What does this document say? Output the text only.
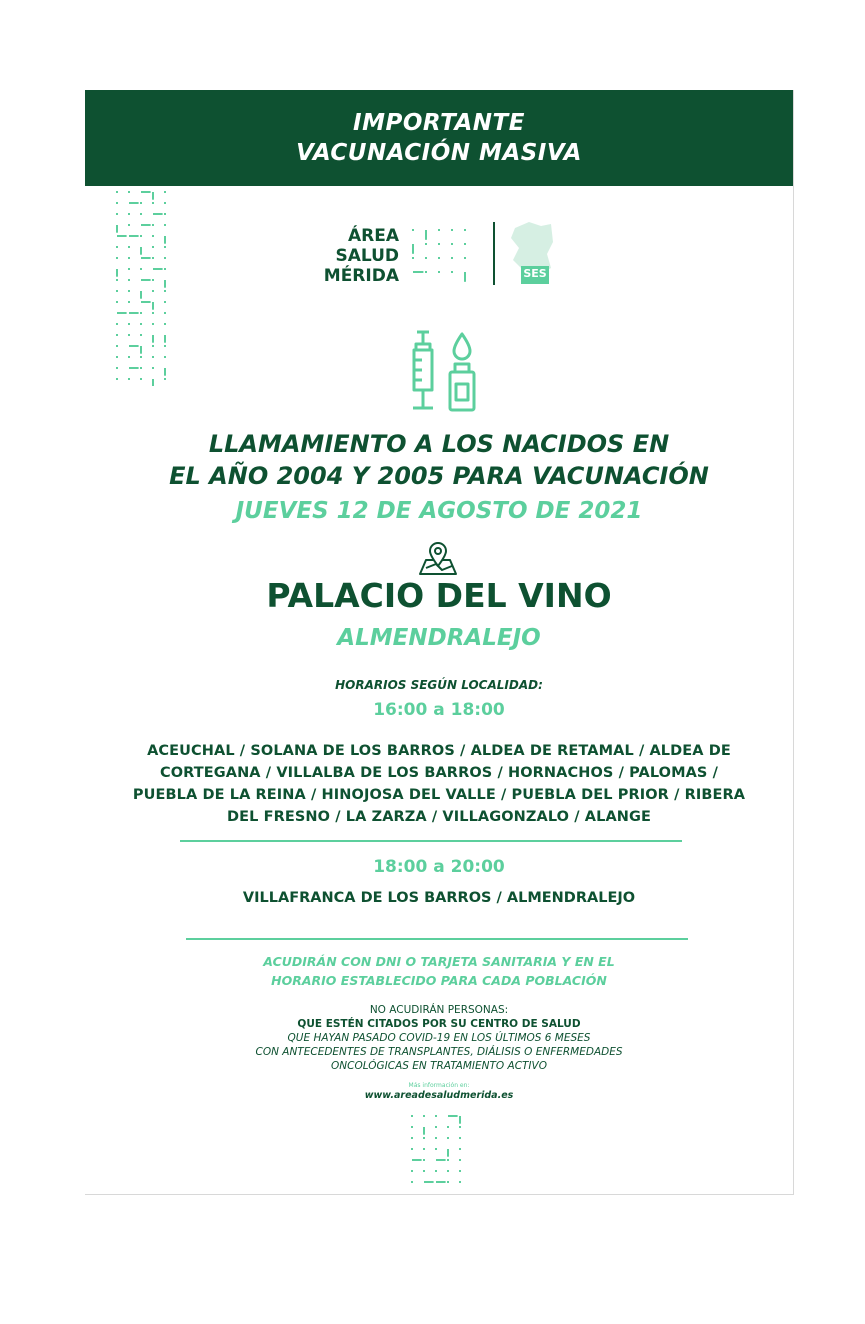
IMPORTANTE
VACUNACIÓN MASIVA
ÁREA
SALUD
MÉRIDA	SES
LLAMAMIENTO A LOS NACIDOS EN
EL AÑO 2004 Y 2005 PARA VACUNACIÓN
JUEVES 12 DE AGOSTO DE 2021
PALACIO DEL VINO
ALMENDRALEJO
HORARIOS SEGÚN LOCALIDAD:
16:00 a 18:00
ACEUCHAL / SOLANA DE LOS BARROS / ALDEA DE RETAMAL / ALDEA DE
CORTEGANA / VILLALBA DE LOS BARROS / HORNACHOS / PALOMAS /
PUEBLA DE LA REINA / HINOJOSA DEL VALLE / PUEBLA DEL PRIOR / RIBERA
DEL FRESNO / LA ZARZA / VILLAGONZALO / ALANGE
18:00 a 20:00
VILLAFRANCA DE LOS BARROS / ALMENDRALEJO
ACUDIRÁN CON DNI O TARJETA SANITARIA Y EN EL
HORARIO ESTABLECIDO PARA CADA POBLACIÓN
NO ACUDIRÁN PERSONAS:
QUE ESTÉN CITADOS POR SU CENTRO DE SALUD
QUE HAYAN PASADO COVID-19 EN LOS ÚLTIMOS 6 MESES
CON ANTECEDENTES DE TRANSPLANTES, DIÁLISIS O ENFERMEDADES
ONCOLÓGICAS EN TRATAMIENTO ACTIVO
Más información en:
www.areadesaludmerida.es
